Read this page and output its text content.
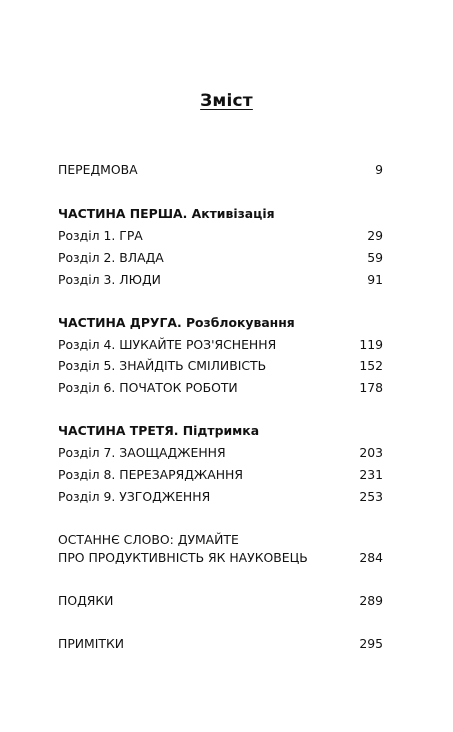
Зміст
ПЕРЕДМОВА	9
ЧАСТИНА ПЕРША. Активізація
Розділ 1. ГРА	29
Розділ 2. ВЛАДА	59
Розділ 3. ЛЮДИ	91
ЧАСТИНА ДРУГА. Розблокування
Розділ 4. ШУКАЙТЕ РОЗ'ЯСНЕННЯ	119
Розділ 5. ЗНАЙДІТЬ СМІЛИВІСТЬ	152
Розділ 6. ПОЧАТОК РОБОТИ	178
ЧАСТИНА ТРЕТЯ. Підтримка
Розділ 7. ЗАОЩАДЖЕННЯ	203
Розділ 8. ПЕРЕЗАРЯДЖАННЯ	231
Розділ 9. УЗГОДЖЕННЯ	253
ОСТАННЄ СЛОВО: ДУМАЙТЕ
ПРО ПРОДУКТИВНІСТЬ ЯК НАУКОВЕЦЬ	284
ПОДЯКИ	289
ПРИМІТКИ	295
